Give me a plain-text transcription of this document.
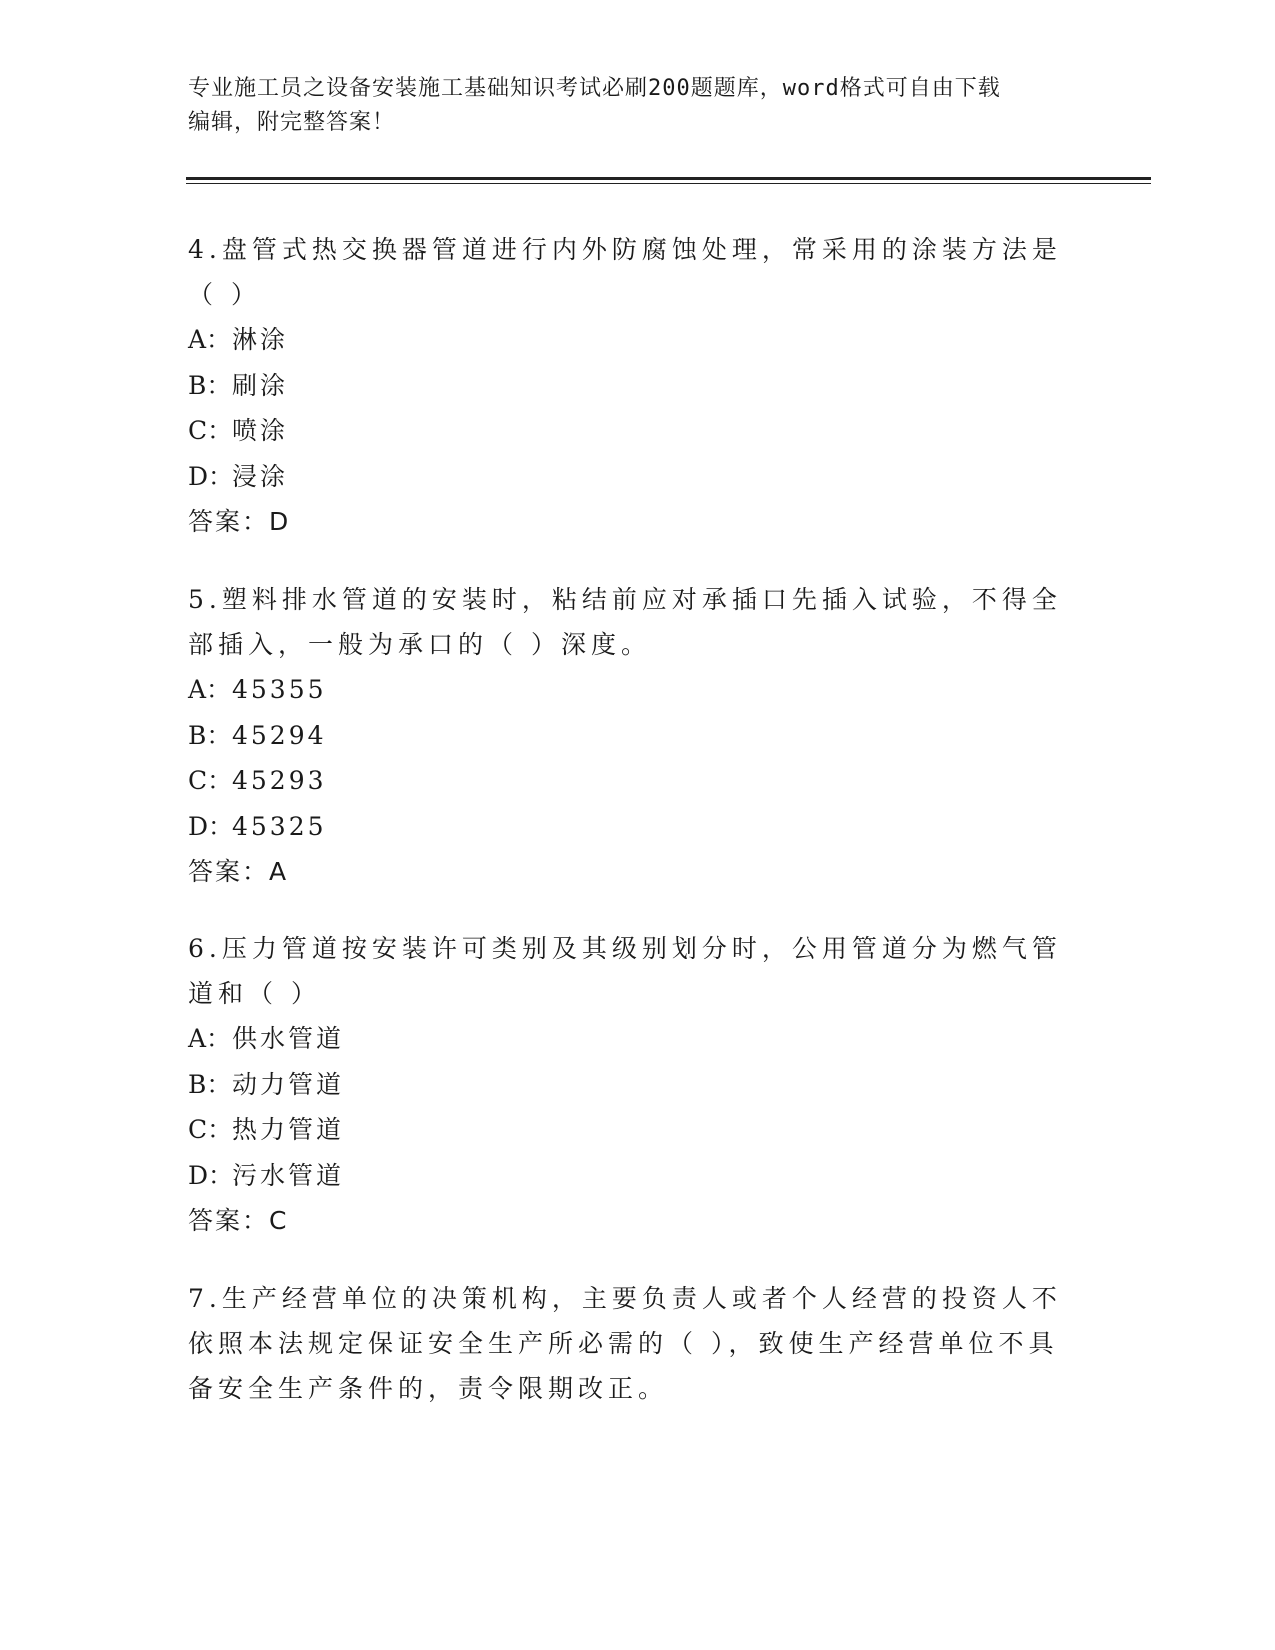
专业施工员之设备安装施工基础知识考试必刷200题题库，word格式可自由下载
编辑，附完整答案！

4.盘管式热交换器管道进行内外防腐蚀处理，常采用的涂装方法是（ ）

A：淋涂
B：刷涂
C：喷涂
D：浸涂
答案：D

5.塑料排水管道的安装时，粘结前应对承插口先插入试验，不得全部插入，一般为承口的（ ）深度。

A：45355
B：45294
C：45293
D：45325
答案：A

6.压力管道按安装许可类别及其级别划分时，公用管道分为燃气管道和（ ）

A：供水管道
B：动力管道
C：热力管道
D：污水管道
答案：C

7.生产经营单位的决策机构，主要负责人或者个人经营的投资人不依照本法规定保证安全生产所必需的（ ），致使生产经营单位不具备安全生产条件的，责令限期改正。
